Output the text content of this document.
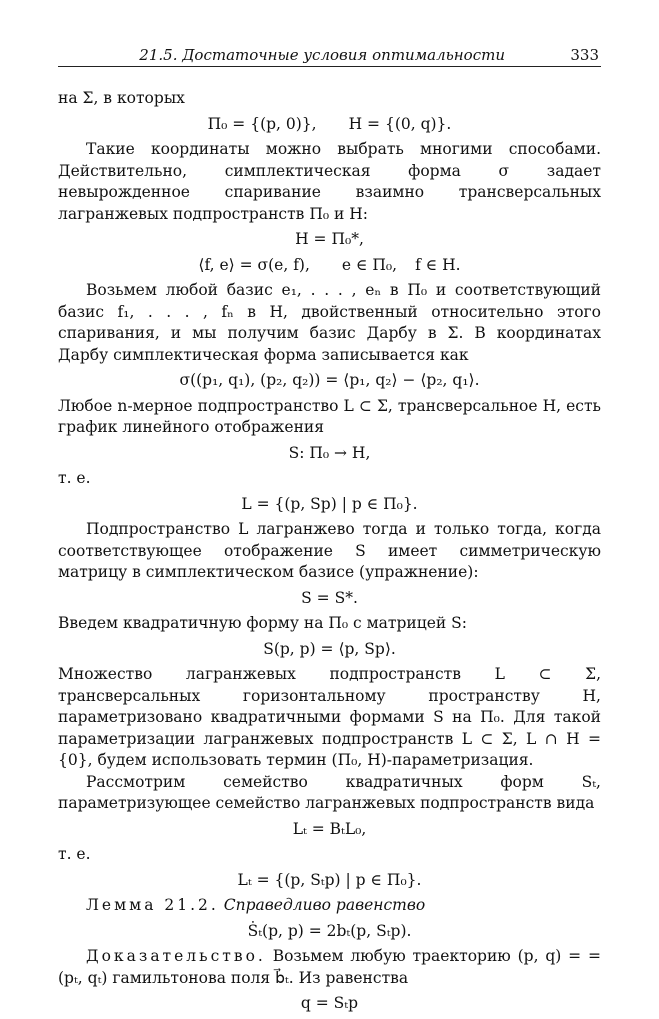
21.5. Достаточные условия оптимальности	333

на Σ, в которых

Π₀ = {(p, 0)}, H = {(0, q)}.

Такие координаты можно выбрать многими способами. Действительно, симплектическая форма σ задает невырожденное спаривание взаимно трансверсальных лагранжевых подпространств Π₀ и H:

H = Π₀*,
⟨f, e⟩ = σ(e, f), e ∈ Π₀, f ∈ H.

Возьмем любой базис e₁, . . . , eₙ в Π₀ и соответствующий базис f₁, . . . , fₙ в H, двойственный относительно этого спаривания, и мы получим базис Дарбу в Σ. В координатах Дарбу симплектическая форма записывается как

σ((p₁, q₁), (p₂, q₂)) = ⟨p₁, q₂⟩ − ⟨p₂, q₁⟩.

Любое n-мерное подпространство L ⊂ Σ, трансверсальное H, есть график линейного отображения

S: Π₀ → H,

т. е.

L = {(p, Sp) | p ∈ Π₀}.

Подпространство L лагранжево тогда и только тогда, когда соответствующее отображение S имеет симметрическую матрицу в симплектическом базисе (упражнение):

S = S*.

Введем квадратичную форму на Π₀ с матрицей S:

S(p, p) = ⟨p, Sp⟩.

Множество лагранжевых подпространств L ⊂ Σ, трансверсальных горизонтальному пространству H, параметризовано квадратичными формами S на Π₀. Для такой параметризации лагранжевых подпространств L ⊂ Σ, L ∩ H = {0}, будем использовать термин (Π₀, H)-параметризация.

Рассмотрим семейство квадратичных форм Sₜ, параметризующее семейство лагранжевых подпространств вида

Lₜ = BₜL₀,

т. е.

Lₜ = {(p, Sₜp) | p ∈ Π₀}.

Лемма 21.2. Справедливо равенство

Ṡₜ(p, p) = 2bₜ(p, Sₜp).

Доказательство. Возьмем любую траекторию (p, q) = = (pₜ, qₜ) гамильтонова поля b⃗ₜ. Из равенства

q = Sₜp
